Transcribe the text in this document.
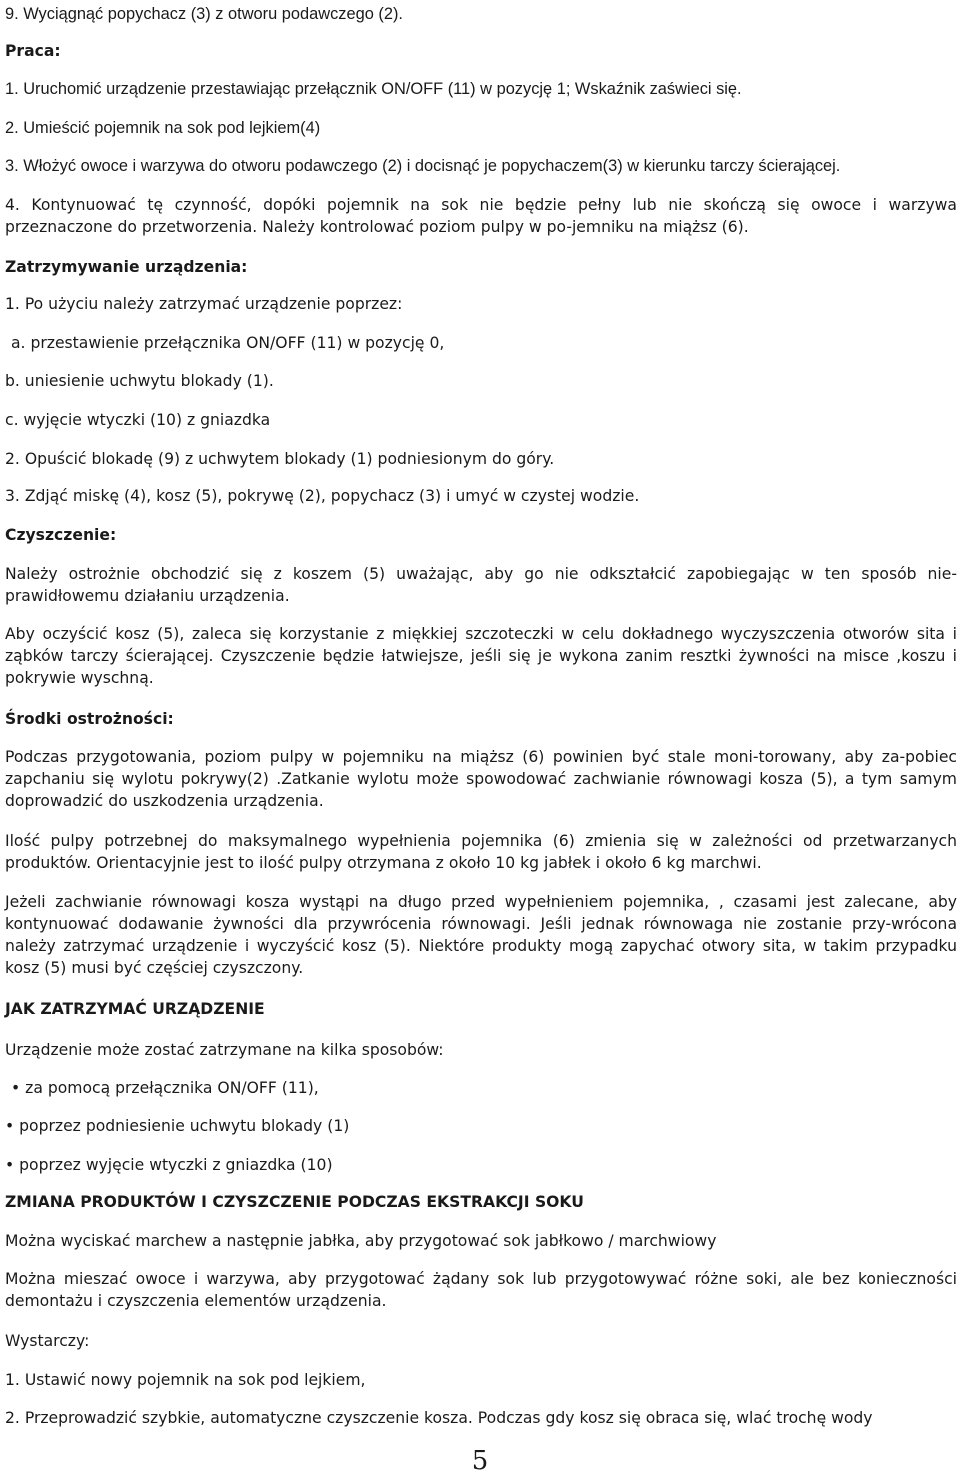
9. Wyciągnąć popychacz (3) z otworu podawczego (2).
Praca:
1. Uruchomić urządzenie przestawiając przełącznik ON/OFF (11) w pozycję 1; Wskaźnik zaświeci się.
2. Umieścić pojemnik na sok pod lejkiem(4)
3. Włożyć owoce i warzywa do otworu podawczego (2) i docisnąć je popychaczem(3) w kierunku tarczy ścierającej.
4. Kontynuować tę czynność, dopóki pojemnik na sok nie będzie pełny lub nie skończą się owoce i warzywa przeznaczone do przetworzenia. Należy kontrolować poziom pulpy w po-jemniku na miąższ (6).
Zatrzymywanie urządzenia:
1. Po użyciu należy zatrzymać urządzenie poprzez:
a. przestawienie przełącznika ON/OFF (11) w pozycję 0,
b. uniesienie uchwytu blokady (1).
c. wyjęcie wtyczki (10) z gniazdka
2. Opuścić blokadę (9) z uchwytem blokady (1) podniesionym do góry.
3. Zdjąć miskę (4), kosz (5), pokrywę (2), popychacz (3) i umyć w czystej wodzie.
Czyszczenie:
Należy ostrożnie obchodzić się z koszem (5) uważając, aby go nie odkształcić zapobiegając w ten sposób nie-prawidłowemu działaniu urządzenia.
Aby oczyścić kosz (5), zaleca się korzystanie z miękkiej szczoteczki w celu dokładnego wyczyszczenia otworów sita i ząbków tarczy ścierającej. Czyszczenie będzie łatwiejsze, jeśli się je wykona zanim resztki żywności na misce ,koszu i pokrywie wyschną.
Środki ostrożności:
Podczas przygotowania, poziom pulpy w pojemniku na miąższ (6) powinien być stale moni-torowany, aby za-pobiec zapchaniu się wylotu pokrywy(2) .Zatkanie wylotu może spowodować zachwianie równowagi kosza (5), a tym samym doprowadzić do uszkodzenia urządzenia.
Ilość pulpy potrzebnej do maksymalnego wypełnienia pojemnika (6) zmienia się w zależności od przetwarzanych produktów. Orientacyjnie jest to ilość pulpy otrzymana z około 10 kg jabłek i około 6 kg marchwi.
Jeżeli zachwianie równowagi kosza wystąpi na długo przed wypełnieniem pojemnika, , czasami jest zalecane, aby kontynuować dodawanie żywności dla przywrócenia równowagi. Jeśli jednak równowaga nie zostanie przy-wrócona należy zatrzymać urządzenie i wyczyścić kosz (5). Niektóre produkty mogą zapychać otwory sita, w takim przypadku kosz (5) musi być częściej czyszczony.
JAK ZATRZYMAĆ URZĄDZENIE
Urządzenie może zostać zatrzymane na kilka sposobów:
• za pomocą przełącznika ON/OFF (11),
• poprzez podniesienie uchwytu blokady (1)
• poprzez wyjęcie wtyczki z gniazdka (10)
ZMIANA PRODUKTÓW I CZYSZCZENIE PODCZAS EKSTRAKCJI SOKU
Można wyciskać marchew a następnie jabłka, aby przygotować sok jabłkowo / marchwiowy
Można mieszać owoce i warzywa, aby przygotować żądany sok lub przygotowywać różne soki, ale bez konieczności demontażu i czyszczenia elementów urządzenia.
Wystarczy:
1. Ustawić nowy pojemnik na sok pod lejkiem,
2. Przeprowadzić szybkie, automatyczne czyszczenie kosza. Podczas gdy kosz się obraca się, wlać trochę wody
5
